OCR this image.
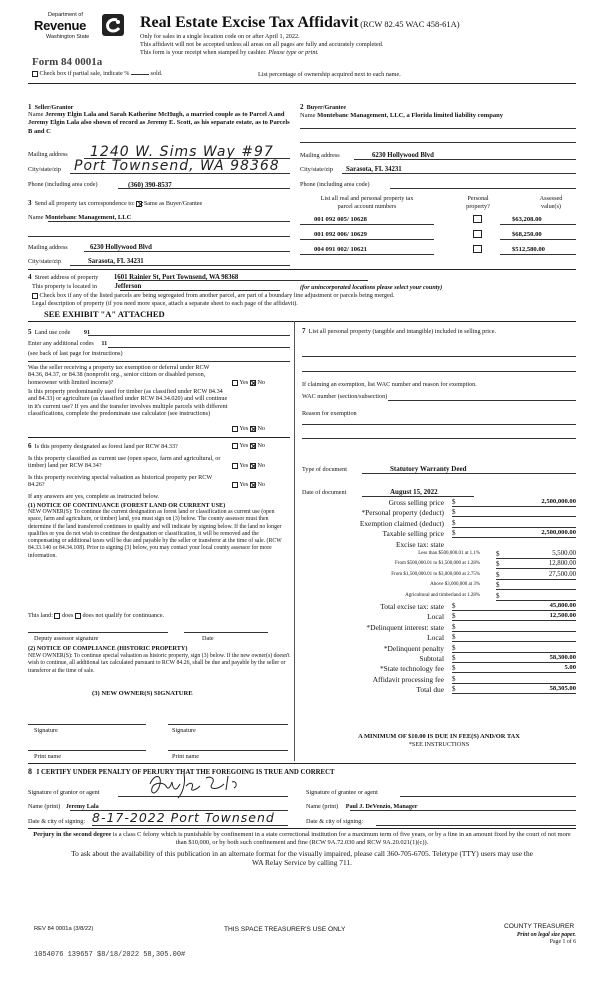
Department of
Revenue
Washington State
Form 84 0001a
Check box if partial sale, indicate %	sold.	List percentage of ownership acquired next to each name.
Real Estate Excise Tax Affidavit (RCW 82.45 WAC 458-61A)
Only for sales in a single location code on or after April 1, 2022.
This affidavit will not be accepted unless all areas on all pages are fully and accurately completed.
This form is your receipt when stamped by cashier. Please type or print.
1 Seller/Grantor
Name Jeremy Elgin Lala and Sarah Katherine McHugh, a married couple as to Parcel A and Jeremy Elgin Lala also shown of record as Jeremy E. Scott, as his separate estate, as to Parcels B and C
Mailing address 1240 W. Sims Way #97
City/state/zip Port Townsend, WA 98368
Phone (including area code)	(360) 390-8537
2 Buyer/Grantee
Name Montebanc Management, LLC, a Florida limited liability company
Mailing address	6230 Hollywood Blvd
City/state/zip Sarasota, FL 34231
Phone (including area code)
3 Send all property tax correspondence to: Same as Buyer/Grantee
Name Montebanc Management, LLC
Mailing address	6230 Hollywood Blvd
City/state/zip	Sarasota, FL 34231
List all real and personal property tax
parcel account numbers
Personal
property?
Assessed
value(s)
001 092 005/ 10628	$63,208.00
001 092 006/ 10629	$68,250.00
004 091 002/ 10621	$512,580.00
4 Street address of property 1601 Rainier St, Port Townsend, WA 98368
This property is located in	Jefferson	(for unincorporated locations please select your county)
Check box if any of the listed parcels are being segregated from another parcel, are part of a boundary line adjustment or parcels being merged.
Legal description of property (if you need more space, attach a separate sheet to each page of the affidavit).
SEE EXHIBIT "A" ATTACHED
5 Land use code 91
Enter any additional codes 11
(see back of last page for instructions)
Was the seller receiving a property tax exemption or deferral under RCW 84.36, 84.37, or 84.38 (nonprofit org., senior citizen or disabled person, homeowner with limited income)?	Yes No
Is this property predominantly used for timber (as classified under RCW 84.34 and 84.33) or agriculture (as classified under RCW 84.34.020) and will continue in it's current use? If yes and the transfer involves multiple parcels with different classifications, complete the predominate use calculator (see instructions)
Yes No
6 Is this property designated as forest land per RCW 84.33?	Yes No
Is this property classified as current use (open space, farm and agricultural, or timber) land per RCW 84.34?	Yes No
Is this property receiving special valuation as historical property per RCW 84.26?	Yes No
If any answers are yes, complete as instructed below.
(1) NOTICE OF CONTINUANCE (FOREST LAND OR CURRENT USE)
NEW OWNER(S): To continue the current designation as forest land or classification as current use (open space, farm and agriculture, or timber) land, you must sign on (3) below. The county assessor must then determine if the land transferred continues to qualify and will indicate by signing below. If the land no longer qualifies or you do not wish to continue the designation or classification, it will be removed and the compensating or additional taxes will be due and payable by the seller or transferor at the time of sale. (RCW 84.33.140 or 84.34.108). Prior to signing (3) below, you may contact your local county assessor for more information.
This land: does does not qualify for continuance.
Deputy assessor signature	Date
(2) NOTICE OF COMPLIANCE (HISTORIC PROPERTY)
NEW OWNER(S): To continue special valuation as historic property, sign (3) below. If the new owner(s) doesn't wish to continue, all additional tax calculated pursuant to RCW 84.26, shall be due and payable by the seller or transferor at the time of sale.
(3) NEW OWNER(S) SIGNATURE
Signature	Signature
Print name	Print name
7 List all personal property (tangible and intangible) included in selling price.
If claiming an exemption, list WAC number and reason for exemption.
WAC number (section/subsection)
Reason for exemption
Type of document	Statutory Warranty Deed
Date of document	August 15, 2022
Gross selling price $	2,500,000.00
*Personal property (deduct) $
Exemption claimed (deduct) $
Taxable selling price $	2,500,000.00
Excise tax: state
Less than $500,000.01 at 1.1% $	5,500.00
From $500,000.01 to $1,500,000 at 1.28% $	12,800.00
From $1,500,000.01 to $3,000,000 at 2.75% $	27,500.00
Above $3,000,000 at 3% $
Agricultural and timberland at 1.28% $
Total excise tax: state $	45,800.00
Local $	12,500.00
*Delinquent interest: state $
Local $
*Delinquent penalty $
Subtotal $	58,300.00
*State technology fee $	5.00
Affidavit processing fee $
Total due $	58,305.00
A MINIMUM OF $10.00 IS DUE IN FEE(S) AND/OR TAX
*SEE INSTRUCTIONS
8 I CERTIFY UNDER PENALTY OF PERJURY THAT THE FOREGOING IS TRUE AND CORRECT
Signature of grantor or agent
Name (print) Jeremy Lala
Date & city of signing: 8-17-2022 Port Townsend
Signature of grantee or agent
Name (print) Paul J. DeVenzio, Manager
Date & city of signing:
Perjury in the second degree is a class C felony which is punishable by confinement in a state correctional institution for a maximum term of five years, or by a fine in an amount fixed by the court of not more than $10,000, or by both such confinement and fine (RCW 9A.72.030 and RCW 9A.20.021(1)(c)).
To ask about the availability of this publication in an alternate format for the visually impaired, please call 360-705-6705. Teletype (TTY) users may use the WA Relay Service by calling 711.
REV 84 0001a (3/8/22)	THIS SPACE TREASURER'S USE ONLY	COUNTY TREASURER
Print on legal size paper.
Page 1 of 6
1054076 139657 $8/18/2022 58,305.00#
